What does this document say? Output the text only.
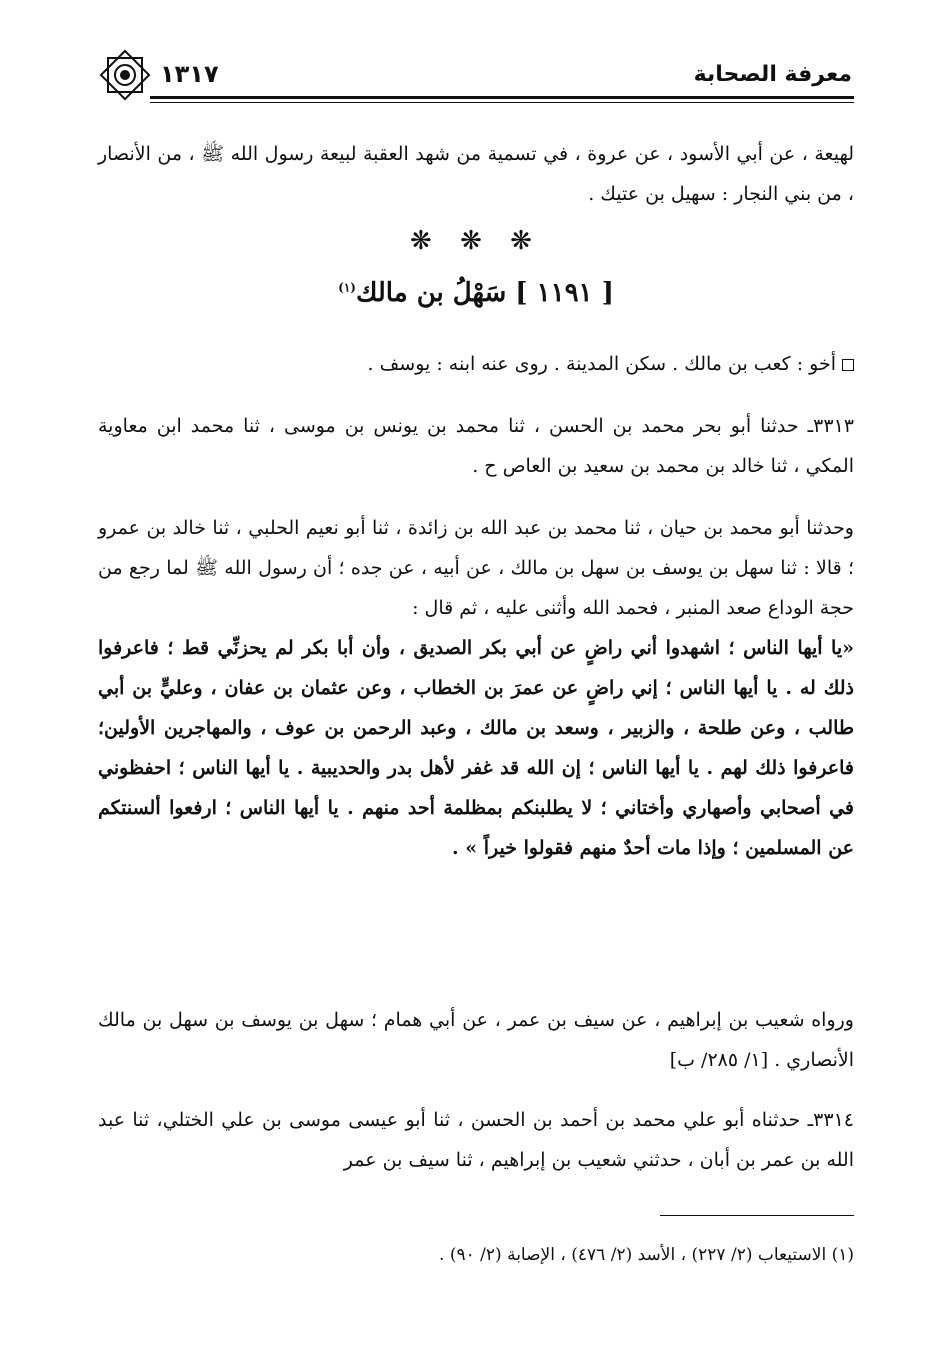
معرفة الصحابة
١٣١٧
لهيعة ، عن أبي الأسود ، عن عروة ، في تسمية من شهد العقبة لبيعة رسول الله ﷺ ، من الأنصار ، من بني النجار : سهيل بن عتيك .
❋ ❋ ❋
[ ١١٩١ ] سَهْلُ بن مالك$^{(١)}$
أخو : كعب بن مالك . سكن المدينة . روى عنه ابنه : يوسف .
٣٣١٣ـ حدثنا أبو بحر محمد بن الحسن ، ثنا محمد بن يونس بن موسى ، ثنا محمد ابن معاوية المكي ، ثنا خالد بن محمد بن سعيد بن العاص ح .
وحدثنا أبو محمد بن حيان ، ثنا محمد بن عبد الله بن زائدة ، ثنا أبو نعيم الحلبي ، ثنا خالد بن عمرو ؛ قالا : ثنا سهل بن يوسف بن سهل بن مالك ، عن أبيه ، عن جده ؛ أن رسول الله ﷺ لما رجع من حجة الوداع صعد المنبر ، فحمد الله وأثنى عليه ، ثم قال :
«يا أيها الناس ؛ اشهدوا أني راضٍ عن أبي بكر الصديق ، وأن أبا بكر لم يحزنِّي قط ؛ فاعرفوا ذلك له . يا أيها الناس ؛ إني راضٍ عن عمرَ بن الخطاب ، وعن عثمان بن عفان ، وعليٍّ بن أبي طالب ، وعن طلحة ، والزبير ، وسعد بن مالك ، وعبد الرحمن بن عوف ، والمهاجرين الأولين؛ فاعرفوا ذلك لهم . يا أيها الناس ؛ إن الله قد غفر لأهل بدر والحديبية . يا أيها الناس ؛ احفظوني في أصحابي وأصهاري وأختاني ؛ لا يطلبنكم بمظلمة أحد منهم . يا أيها الناس ؛ ارفعوا ألسنتكم عن المسلمين ؛ وإذا مات أحدٌ منهم فقولوا خيراً » .
ورواه شعيب بن إبراهيم ، عن سيف بن عمر ، عن أبي همام ؛ سهل بن يوسف بن سهل بن مالك الأنصاري . [١/ ٢٨٥/ ب]
٣٣١٤ـ حدثناه أبو علي محمد بن أحمد بن الحسن ، ثنا أبو عيسى موسى بن علي الختلي، ثنا عبد الله بن عمر بن أبان ، حدثني شعيب بن إبراهيم ، ثنا سيف بن عمر
(١) الاستيعاب (٢/ ٢٢٧) ، الأسد (٢/ ٤٧٦) ، الإصابة (٢/ ٩٠) .
